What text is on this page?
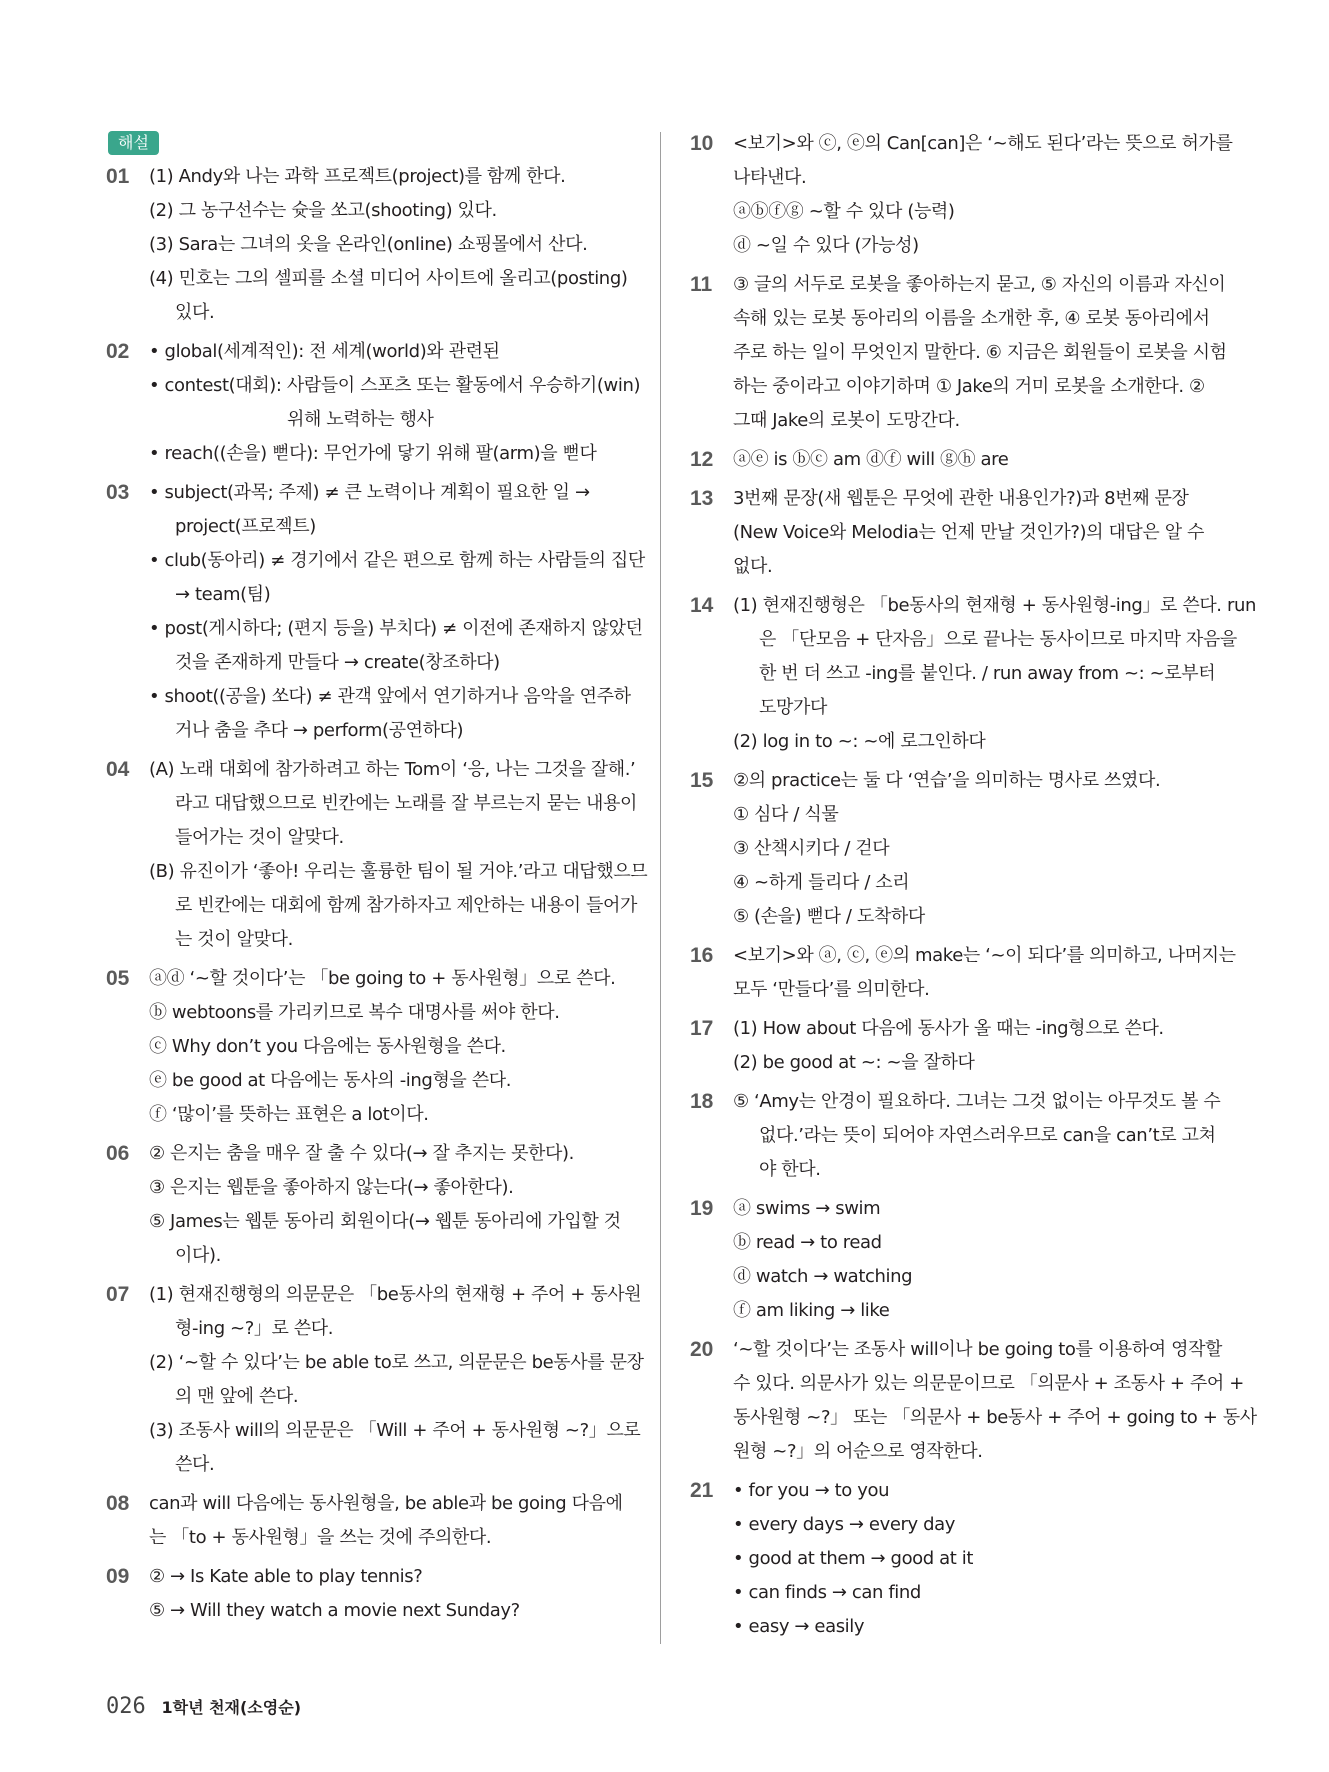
해설
01 (1) Andy와 나는 과학 프로젝트(project)를 함께 한다.
(2) 그 농구선수는 슛을 쏘고(shooting) 있다.
(3) Sara는 그녀의 옷을 온라인(online) 쇼핑몰에서 산다.
(4) 민호는 그의 셀피를 소셜 미디어 사이트에 올리고(posting)
있다.
02 • global(세계적인): 전 세계(world)와 관련된
• contest(대회): 사람들이 스포츠 또는 활동에서 우승하기(win)
위해 노력하는 행사
• reach((손을) 뻗다): 무언가에 닿기 위해 팔(arm)을 뻗다
03 • subject(과목; 주제) ≠ 큰 노력이나 계획이 필요한 일 →
project(프로젝트)
• club(동아리) ≠ 경기에서 같은 편으로 함께 하는 사람들의 집단
→ team(팀)
• post(게시하다; (편지 등을) 부치다) ≠ 이전에 존재하지 않았던
것을 존재하게 만들다 → create(창조하다)
• shoot((공을) 쏘다) ≠ 관객 앞에서 연기하거나 음악을 연주하
거나 춤을 추다 → perform(공연하다)
04 (A) 노래 대회에 참가하려고 하는 Tom이 ‘응, 나는 그것을 잘해.’
라고 대답했으므로 빈칸에는 노래를 잘 부르는지 묻는 내용이
들어가는 것이 알맞다.
(B) 유진이가 ‘좋아! 우리는 훌륭한 팀이 될 거야.’라고 대답했으므
로 빈칸에는 대회에 함께 참가하자고 제안하는 내용이 들어가
는 것이 알맞다.
05 ⓐⓓ ‘~할 것이다’는 「be going to + 동사원형」으로 쓴다.
ⓑ webtoons를 가리키므로 복수 대명사를 써야 한다.
ⓒ Why don’t you 다음에는 동사원형을 쓴다.
ⓔ be good at 다음에는 동사의 -ing형을 쓴다.
ⓕ ‘많이’를 뜻하는 표현은 a lot이다.
06 ② 은지는 춤을 매우 잘 출 수 있다(→ 잘 추지는 못한다).
③ 은지는 웹툰을 좋아하지 않는다(→ 좋아한다).
⑤ James는 웹툰 동아리 회원이다(→ 웹툰 동아리에 가입할 것
이다).
07 (1) 현재진행형의 의문문은 「be동사의 현재형 + 주어 + 동사원
형-ing ~?」로 쓴다.
(2) ‘~할 수 있다’는 be able to로 쓰고, 의문문은 be동사를 문장
의 맨 앞에 쓴다.
(3) 조동사 will의 의문문은 「Will + 주어 + 동사원형 ~?」으로
쓴다.
08 can과 will 다음에는 동사원형을, be able과 be going 다음에
는 「to + 동사원형」을 쓰는 것에 주의한다.
09 ② → Is Kate able to play tennis?
⑤ → Will they watch a movie next Sunday?
10 <보기>와 ⓒ, ⓔ의 Can[can]은 ‘~해도 된다’라는 뜻으로 허가를
나타낸다.
ⓐⓑⓕⓖ ~할 수 있다 (능력)
ⓓ ~일 수 있다 (가능성)
11 ③ 글의 서두로 로봇을 좋아하는지 묻고, ⑤ 자신의 이름과 자신이
속해 있는 로봇 동아리의 이름을 소개한 후, ④ 로봇 동아리에서
주로 하는 일이 무엇인지 말한다. ⑥ 지금은 회원들이 로봇을 시험
하는 중이라고 이야기하며 ① Jake의 거미 로봇을 소개한다. ②
그때 Jake의 로봇이 도망간다.
12 ⓐⓔ is ⓑⓒ am ⓓⓕ will ⓖⓗ are
13 3번째 문장(새 웹툰은 무엇에 관한 내용인가?)과 8번째 문장
(New Voice와 Melodia는 언제 만날 것인가?)의 대답은 알 수
없다.
14 (1) 현재진행형은 「be동사의 현재형 + 동사원형-ing」로 쓴다. run
은 「단모음 + 단자음」으로 끝나는 동사이므로 마지막 자음을
한 번 더 쓰고 -ing를 붙인다. / run away from ~: ~로부터
도망가다
(2) log in to ~: ~에 로그인하다
15 ②의 practice는 둘 다 ‘연습’을 의미하는 명사로 쓰였다.
① 심다 / 식물
③ 산책시키다 / 걷다
④ ~하게 들리다 / 소리
⑤ (손을) 뻗다 / 도착하다
16 <보기>와 ⓐ, ⓒ, ⓔ의 make는 ‘~이 되다’를 의미하고, 나머지는
모두 ‘만들다’를 의미한다.
17 (1) How about 다음에 동사가 올 때는 -ing형으로 쓴다.
(2) be good at ~: ~을 잘하다
18 ⑤ ‘Amy는 안경이 필요하다. 그녀는 그것 없이는 아무것도 볼 수
없다.’라는 뜻이 되어야 자연스러우므로 can을 can’t로 고쳐
야 한다.
19 ⓐ swims → swim
ⓑ read → to read
ⓓ watch → watching
ⓕ am liking → like
20 ‘~할 것이다’는 조동사 will이나 be going to를 이용하여 영작할
수 있다. 의문사가 있는 의문문이므로 「의문사 + 조동사 + 주어 +
동사원형 ~?」 또는 「의문사 + be동사 + 주어 + going to + 동사
원형 ~?」의 어순으로 영작한다.
21 • for you → to you
• every days → every day
• good at them → good at it
• can finds → can find
• easy → easily
026 1학년 천재(소영순)
